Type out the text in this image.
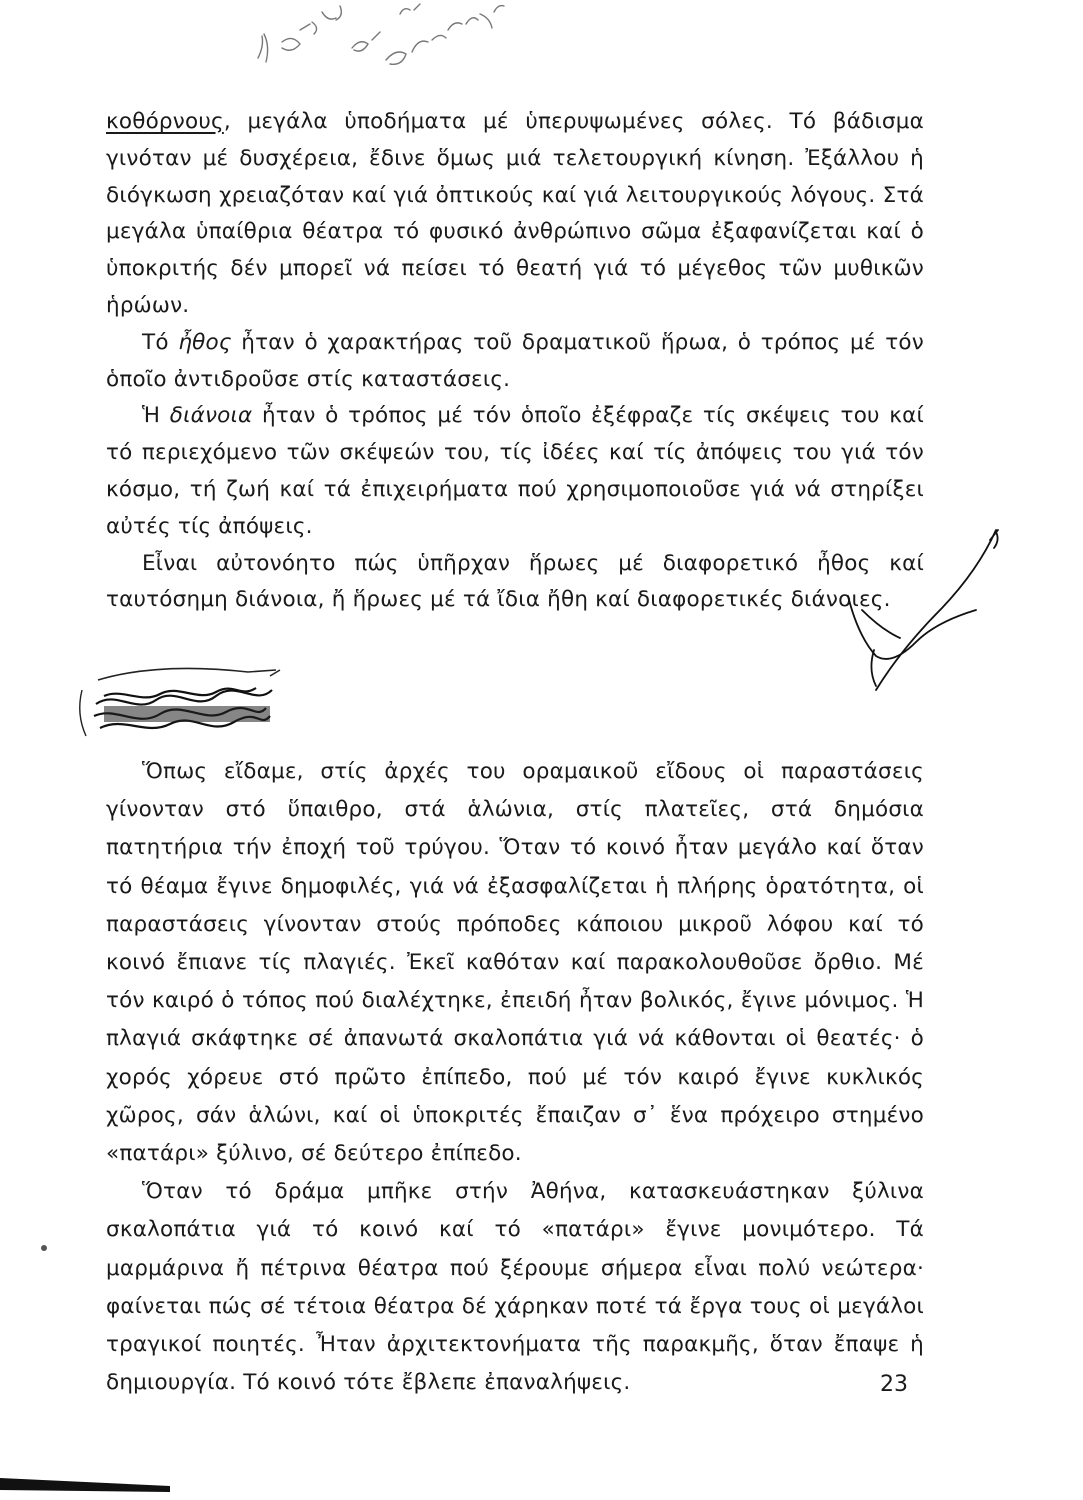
κοθόρνους, μεγάλα ὑποδήματα μέ ὑπερυψωμένες σόλες. Τό βάδισμα γινόταν μέ δυσχέρεια, ἔδινε ὅμως μιά τελετουργική κίνηση. Ἐξάλλου ἡ διόγκωση χρειαζόταν καί γιά ὀπτικούς καί γιά λειτουργικούς λόγους. Στά μεγάλα ὑπαίθρια θέατρα τό φυσικό ἀνθρώπινο σῶμα ἐξαφανίζεται καί ὁ ὑποκριτής δέν μπορεῖ νά πείσει τό θεατή γιά τό μέγεθος τῶν μυθικῶν ἡρώων.

Τό ἦθος ἦταν ὁ χαρακτήρας τοῦ δραματικοῦ ἥρωα, ὁ τρόπος μέ τόν ὁποῖο ἀντιδροῦσε στίς καταστάσεις.

Ἡ διάνοια ἦταν ὁ τρόπος μέ τόν ὁποῖο ἐξέφραζε τίς σκέψεις του καί τό περιεχόμενο τῶν σκέψεών του, τίς ἰδέες καί τίς ἀπόψεις του γιά τόν κόσμο, τή ζωή καί τά ἐπιχειρήματα πού χρησιμοποιοῦσε γιά νά στηρίξει αὐτές τίς ἀπόψεις.

Εἶναι αὐτονόητο πώς ὑπῆρχαν ἥρωες μέ διαφορετικό ἦθος καί ταυτόσημη διάνοια, ἤ ἥρωες μέ τά ἴδια ἤθη καί διαφορετικές διάνοιες.

Ὅπως εἴδαμε, στίς ἀρχές του οραμαικοῦ εἴδους οἱ παραστάσεις γίνονταν στό ὕπαιθρο, στά ἁλώνια, στίς πλατεῖες, στά δημόσια πατητήρια τήν ἐποχή τοῦ τρύγου. Ὅταν τό κοινό ἦταν μεγάλο καί ὅταν τό θέαμα ἔγινε δημοφιλές, γιά νά ἐξασφαλίζεται ἡ πλήρης ὁρατότητα, οἱ παραστάσεις γίνονταν στούς πρόποδες κάποιου μικροῦ λόφου καί τό κοινό ἔπιανε τίς πλαγιές. Ἐκεῖ καθόταν καί παρακολουθοῦσε ὄρθιο. Μέ τόν καιρό ὁ τόπος πού διαλέχτηκε, ἐπειδή ἦταν βολικός, ἔγινε μόνιμος. Ἡ πλαγιά σκάφτηκε σέ ἀπανωτά σκαλοπάτια γιά νά κάθονται οἱ θεατές· ὁ χορός χόρευε στό πρῶτο ἐπίπεδο, πού μέ τόν καιρό ἔγινε κυκλικός χῶρος, σάν ἁλώνι, καί οἱ ὑποκριτές ἔπαιζαν σ᾿ ἕνα πρόχειρο στημένο «πατάρι» ξύλινο, σέ δεύτερο ἐπίπεδο.

Ὅταν τό δράμα μπῆκε στήν Ἀθήνα, κατασκευάστηκαν ξύλινα σκαλοπάτια γιά τό κοινό καί τό «πατάρι» ἔγινε μονιμότερο. Τά μαρμάρινα ἤ πέτρινα θέατρα πού ξέρουμε σήμερα εἶναι πολύ νεώτερα· φαίνεται πώς σέ τέτοια θέατρα δέ χάρηκαν ποτέ τά ἔργα τους οἱ μεγάλοι τραγικοί ποιητές. Ἦταν ἀρχιτεκτονήματα τῆς παρακμῆς, ὅταν ἔπαψε ἡ δημιουργία. Τό κοινό τότε ἔβλεπε ἐπαναλήψεις.	23
